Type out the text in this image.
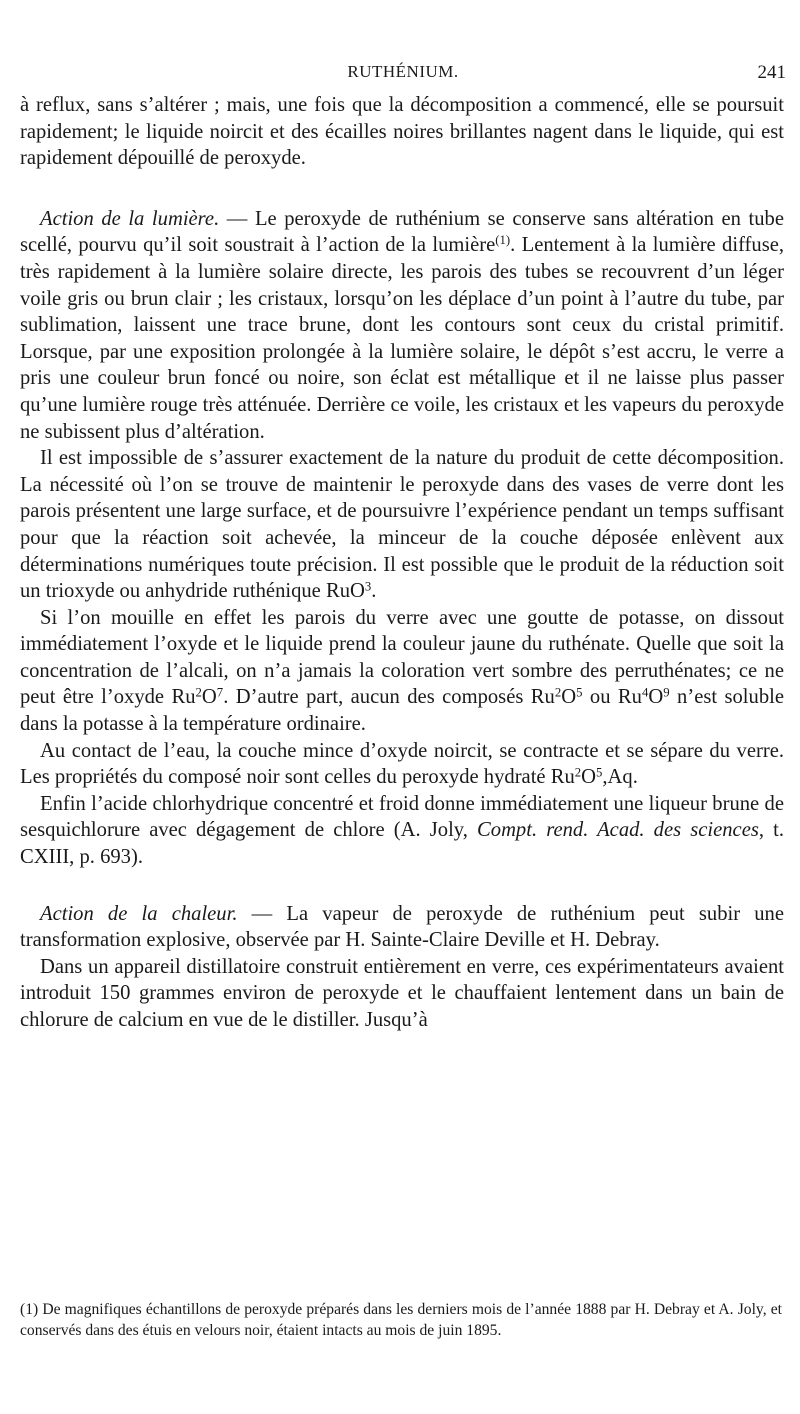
RUTHÉNIUM.	241

à reflux, sans s’altérer ; mais, une fois que la décomposition a commencé, elle se poursuit rapidement; le liquide noircit et des écailles noires brillantes nagent dans le liquide, qui est rapidement dépouillé de peroxyde.

Action de la lumière. — Le peroxyde de ruthénium se conserve sans altération en tube scellé, pourvu qu’il soit soustrait à l’action de la lumière$^{(1)}$. Lentement à la lumière diffuse, très rapidement à la lumière solaire directe, les parois des tubes se recouvrent d’un léger voile gris ou brun clair ; les cristaux, lorsqu’on les déplace d’un point à l’autre du tube, par sublimation, laissent une trace brune, dont les contours sont ceux du cristal primitif. Lorsque, par une exposition prolongée à la lumière solaire, le dépôt s’est accru, le verre a pris une couleur brun foncé ou noire, son éclat est métallique et il ne laisse plus passer qu’une lumière rouge très atténuée. Derrière ce voile, les cristaux et les vapeurs du peroxyde ne subissent plus d’altération.

Il est impossible de s’assurer exactement de la nature du produit de cette décomposition. La nécessité où l’on se trouve de maintenir le peroxyde dans des vases de verre dont les parois présentent une large surface, et de poursuivre l’expérience pendant un temps suffisant pour que la réaction soit achevée, la minceur de la couche déposée enlèvent aux déterminations numériques toute précision. Il est possible que le produit de la réduction soit un trioxyde ou anhydride ruthénique RuO$^3$.

Si l’on mouille en effet les parois du verre avec une goutte de potasse, on dissout immédiatement l’oxyde et le liquide prend la couleur jaune du ruthénate. Quelle que soit la concentration de l’alcali, on n’a jamais la coloration vert sombre des perruthénates; ce ne peut être l’oxyde $Ru^2O^7$. D’autre part, aucun des composés $Ru^2O^5$ ou $Ru^4O^9$ n’est soluble dans la potasse à la température ordinaire.

Au contact de l’eau, la couche mince d’oxyde noircit, se contracte et se sépare du verre. Les propriétés du composé noir sont celles du peroxyde hydraté $Ru^2O^5,Aq$.

Enfin l’acide chlorhydrique concentré et froid donne immédiatement une liqueur brune de sesquichlorure avec dégagement de chlore (A. Joly, Compt. rend. Acad. des sciences, t. CXIII, p. 693).

Action de la chaleur. — La vapeur de peroxyde de ruthénium peut subir une transformation explosive, observée par H. Sainte-Claire Deville et H. Debray.

Dans un appareil distillatoire construit entièrement en verre, ces expérimentateurs avaient introduit 150 grammes environ de peroxyde et le chauffaient lentement dans un bain de chlorure de calcium en vue de le distiller. Jusqu’à

(1) De magnifiques échantillons de peroxyde préparés dans les derniers mois de l’année 1888 par H. Debray et A. Joly, et conservés dans des étuis en velours noir, étaient intacts au mois de juin 1895.
